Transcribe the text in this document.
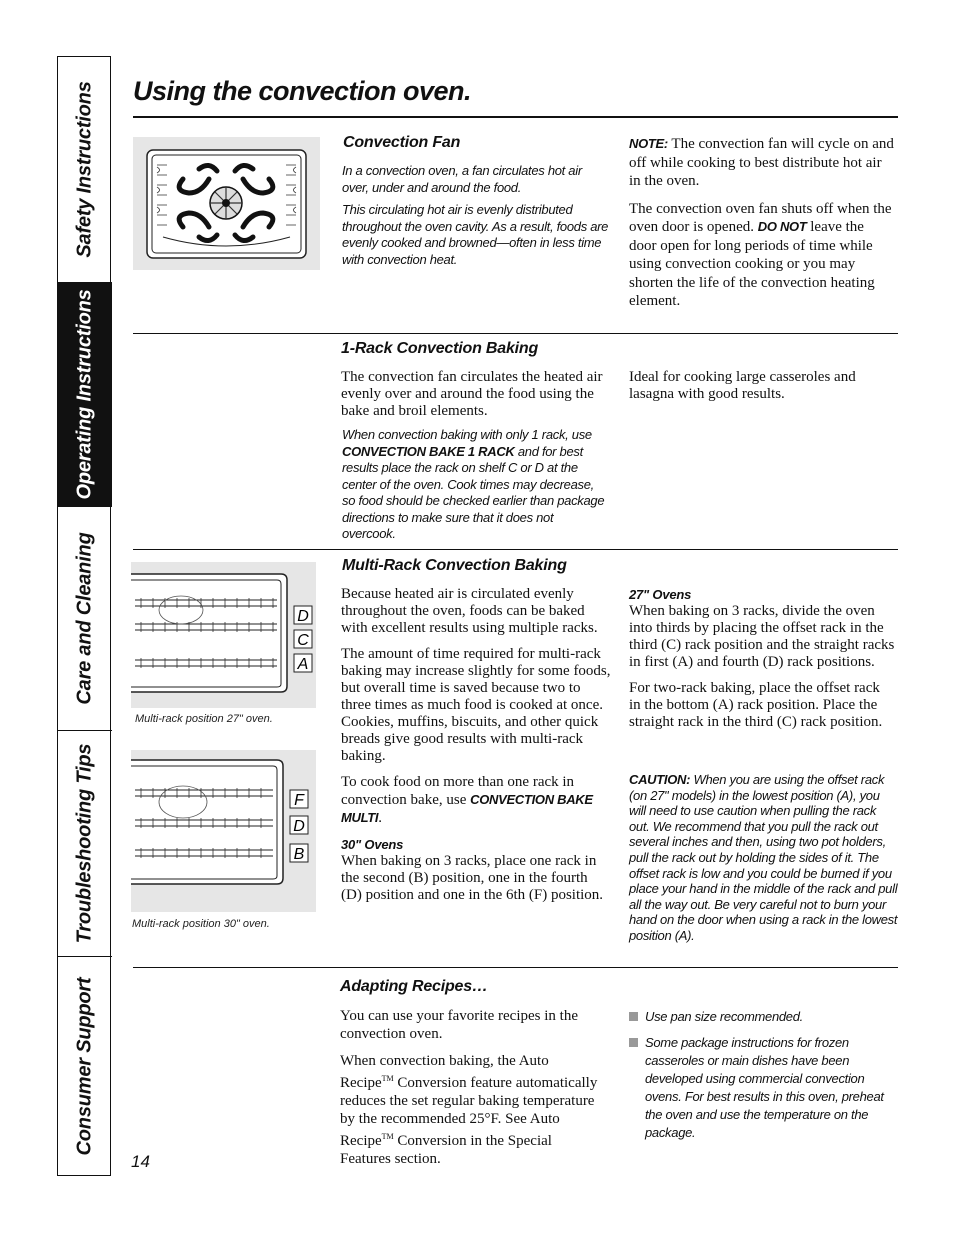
Safety Instructions
Operating Instructions
Care and Cleaning
Troubleshooting Tips
Consumer Support
Using the convection oven.
Convection Fan

In a convection oven, a fan circulates hot air over, under and around the food.

This circulating hot air is evenly distributed throughout the oven cavity. As a result, foods are evenly cooked and browned—often in less time with convection heat.

NOTE: The convection fan will cycle on and off while cooking to best distribute hot air in the oven.

The convection oven fan shuts off when the oven door is opened. DO NOT leave the door open for long periods of time while using convection cooking or you may shorten the life of the convection heating element.

1-Rack Convection Baking
The convection fan circulates the heated air evenly over and around the food using the bake and broil elements.
When convection baking with only 1 rack, use CONVECTION BAKE 1 RACK and for best results place the rack on shelf C or D at the center of the oven. Cook times may decrease, so food should be checked earlier than package directions to make sure that it does not overcook.
Ideal for cooking large casseroles and lasagna with good results.
D
C
A
Multi-rack position 27" oven.
F
D
B
Multi-rack position 30" oven.
Multi-Rack Convection Baking

Because heated air is circulated evenly throughout the oven, foods can be baked with excellent results using multiple racks.

The amount of time required for multi-rack baking may increase slightly for some foods, but overall time is saved because two to three times as much food is cooked at once. Cookies, muffins, biscuits, and other quick breads give good results with multi-rack baking.

To cook food on more than one rack in convection bake, use CONVECTION BAKE MULTI.

30" Ovens
When baking on 3 racks, place one rack in the second (B) position, one in the fourth (D) position and one in the 6th (F) position.

27" Ovens
When baking on 3 racks, divide the oven into thirds by placing the offset rack in the third (C) rack position and the straight racks in first (A) and fourth (D) rack positions.

For two-rack baking, place the offset rack in the bottom (A) rack position. Place the straight rack in the third (C) rack position.

CAUTION: When you are using the offset rack (on 27" models) in the lowest position (A), you will need to use caution when pulling the rack out. We recommend that you pull the rack out several inches and then, using two pot holders, pull the rack out by holding the sides of it. The offset rack is low and you could be burned if you place your hand in the middle of the rack and pull all the way out. Be very careful not to burn your hand on the door when using a rack in the lowest position (A).
Adapting Recipes…

You can use your favorite recipes in the convection oven.

When convection baking, the Auto Recipe™ Conversion feature automatically reduces the set regular baking temperature by the recommended 25°F. See Auto Recipe™ Conversion in the Special Features section.

Use pan size recommended.
Some package instructions for frozen casseroles or main dishes have been developed using commercial convection ovens. For best results in this oven, preheat the oven and use the temperature on the package.
14
